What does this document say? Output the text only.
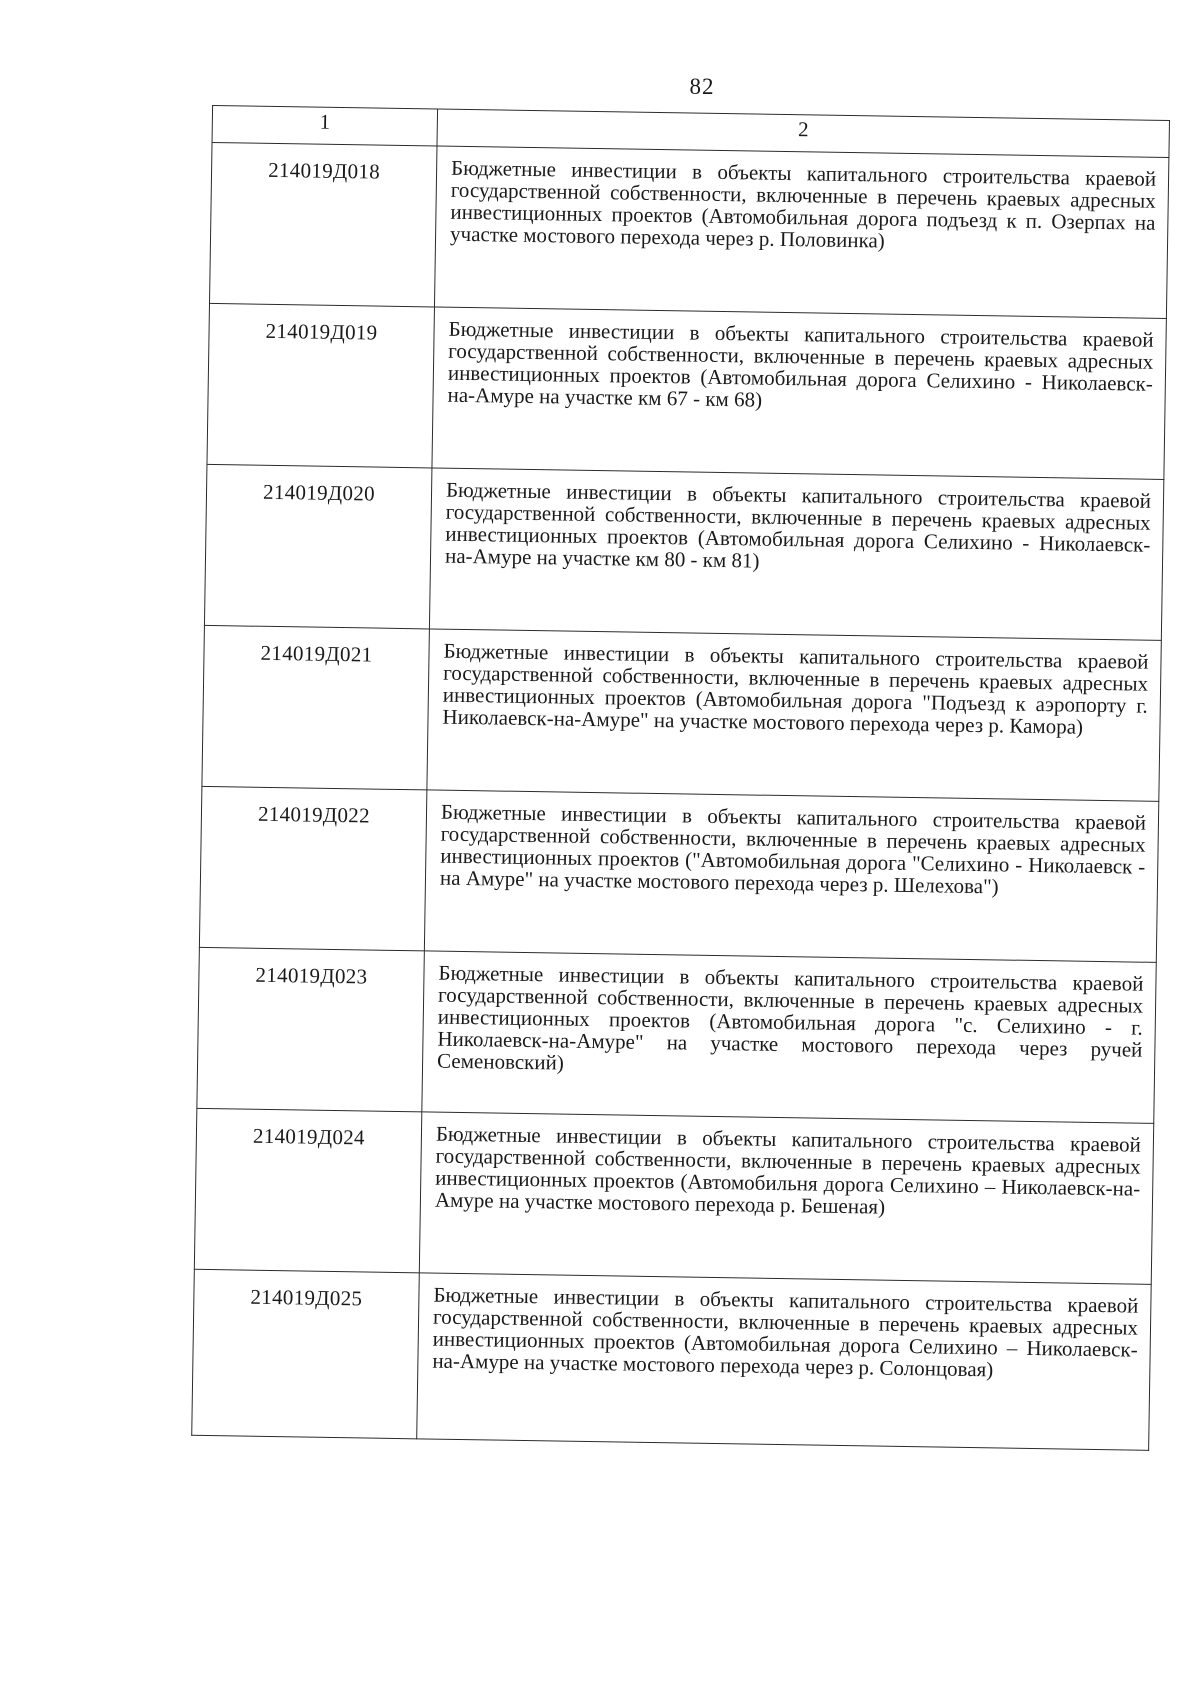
82
1	2
214019Д018	Бюджетные инвестиции в объекты капитального строительства краевой государственной собственности, включенные в перечень краевых адресных инвестиционных проектов (Автомобильная дорога подъезд к п. Озерпах на участке мостового перехода через р. Половинка)
214019Д019	Бюджетные инвестиции в объекты капитального строительства краевой государственной собственности, включенные в перечень краевых адресных инвестиционных проектов (Автомобильная дорога Селихино - Николаевск-на-Амуре на участке км 67 - км 68)
214019Д020	Бюджетные инвестиции в объекты капитального строительства краевой государственной собственности, включенные в перечень краевых адресных инвестиционных проектов (Автомобильная дорога Селихино - Николаевск-на-Амуре на участке км 80 - км 81)
214019Д021	Бюджетные инвестиции в объекты капитального строительства краевой государственной собственности, включенные в перечень краевых адресных инвестиционных проектов (Автомобильная дорога "Подъезд к аэропорту г. Николаевск-на-Амуре" на участке мостового перехода через р. Камора)
214019Д022	Бюджетные инвестиции в объекты капитального строительства краевой государственной собственности, включенные в перечень краевых адресных инвестиционных проектов ("Автомобильная дорога "Селихино - Николаевск - на Амуре" на участке мостового перехода через р. Шелехова")
214019Д023	Бюджетные инвестиции в объекты капитального строительства краевой государственной собственности, включенные в перечень краевых адресных инвестиционных проектов (Автомобильная дорога "с. Селихино - г. Николаевск-на-Амуре" на участке мостового перехода через ручей Семеновский)
214019Д024	Бюджетные инвестиции в объекты капитального строительства краевой государственной собственности, включенные в перечень краевых адресных инвестиционных проектов (Автомобильня дорога Селихино – Николаевск-на-Амуре на участке мостового перехода р. Бешеная)
214019Д025	Бюджетные инвестиции в объекты капитального строительства краевой государственной собственности, включенные в перечень краевых адресных инвестиционных проектов (Автомобильная дорога Селихино – Николаевск-на-Амуре на участке мостового перехода через р. Солонцовая)
